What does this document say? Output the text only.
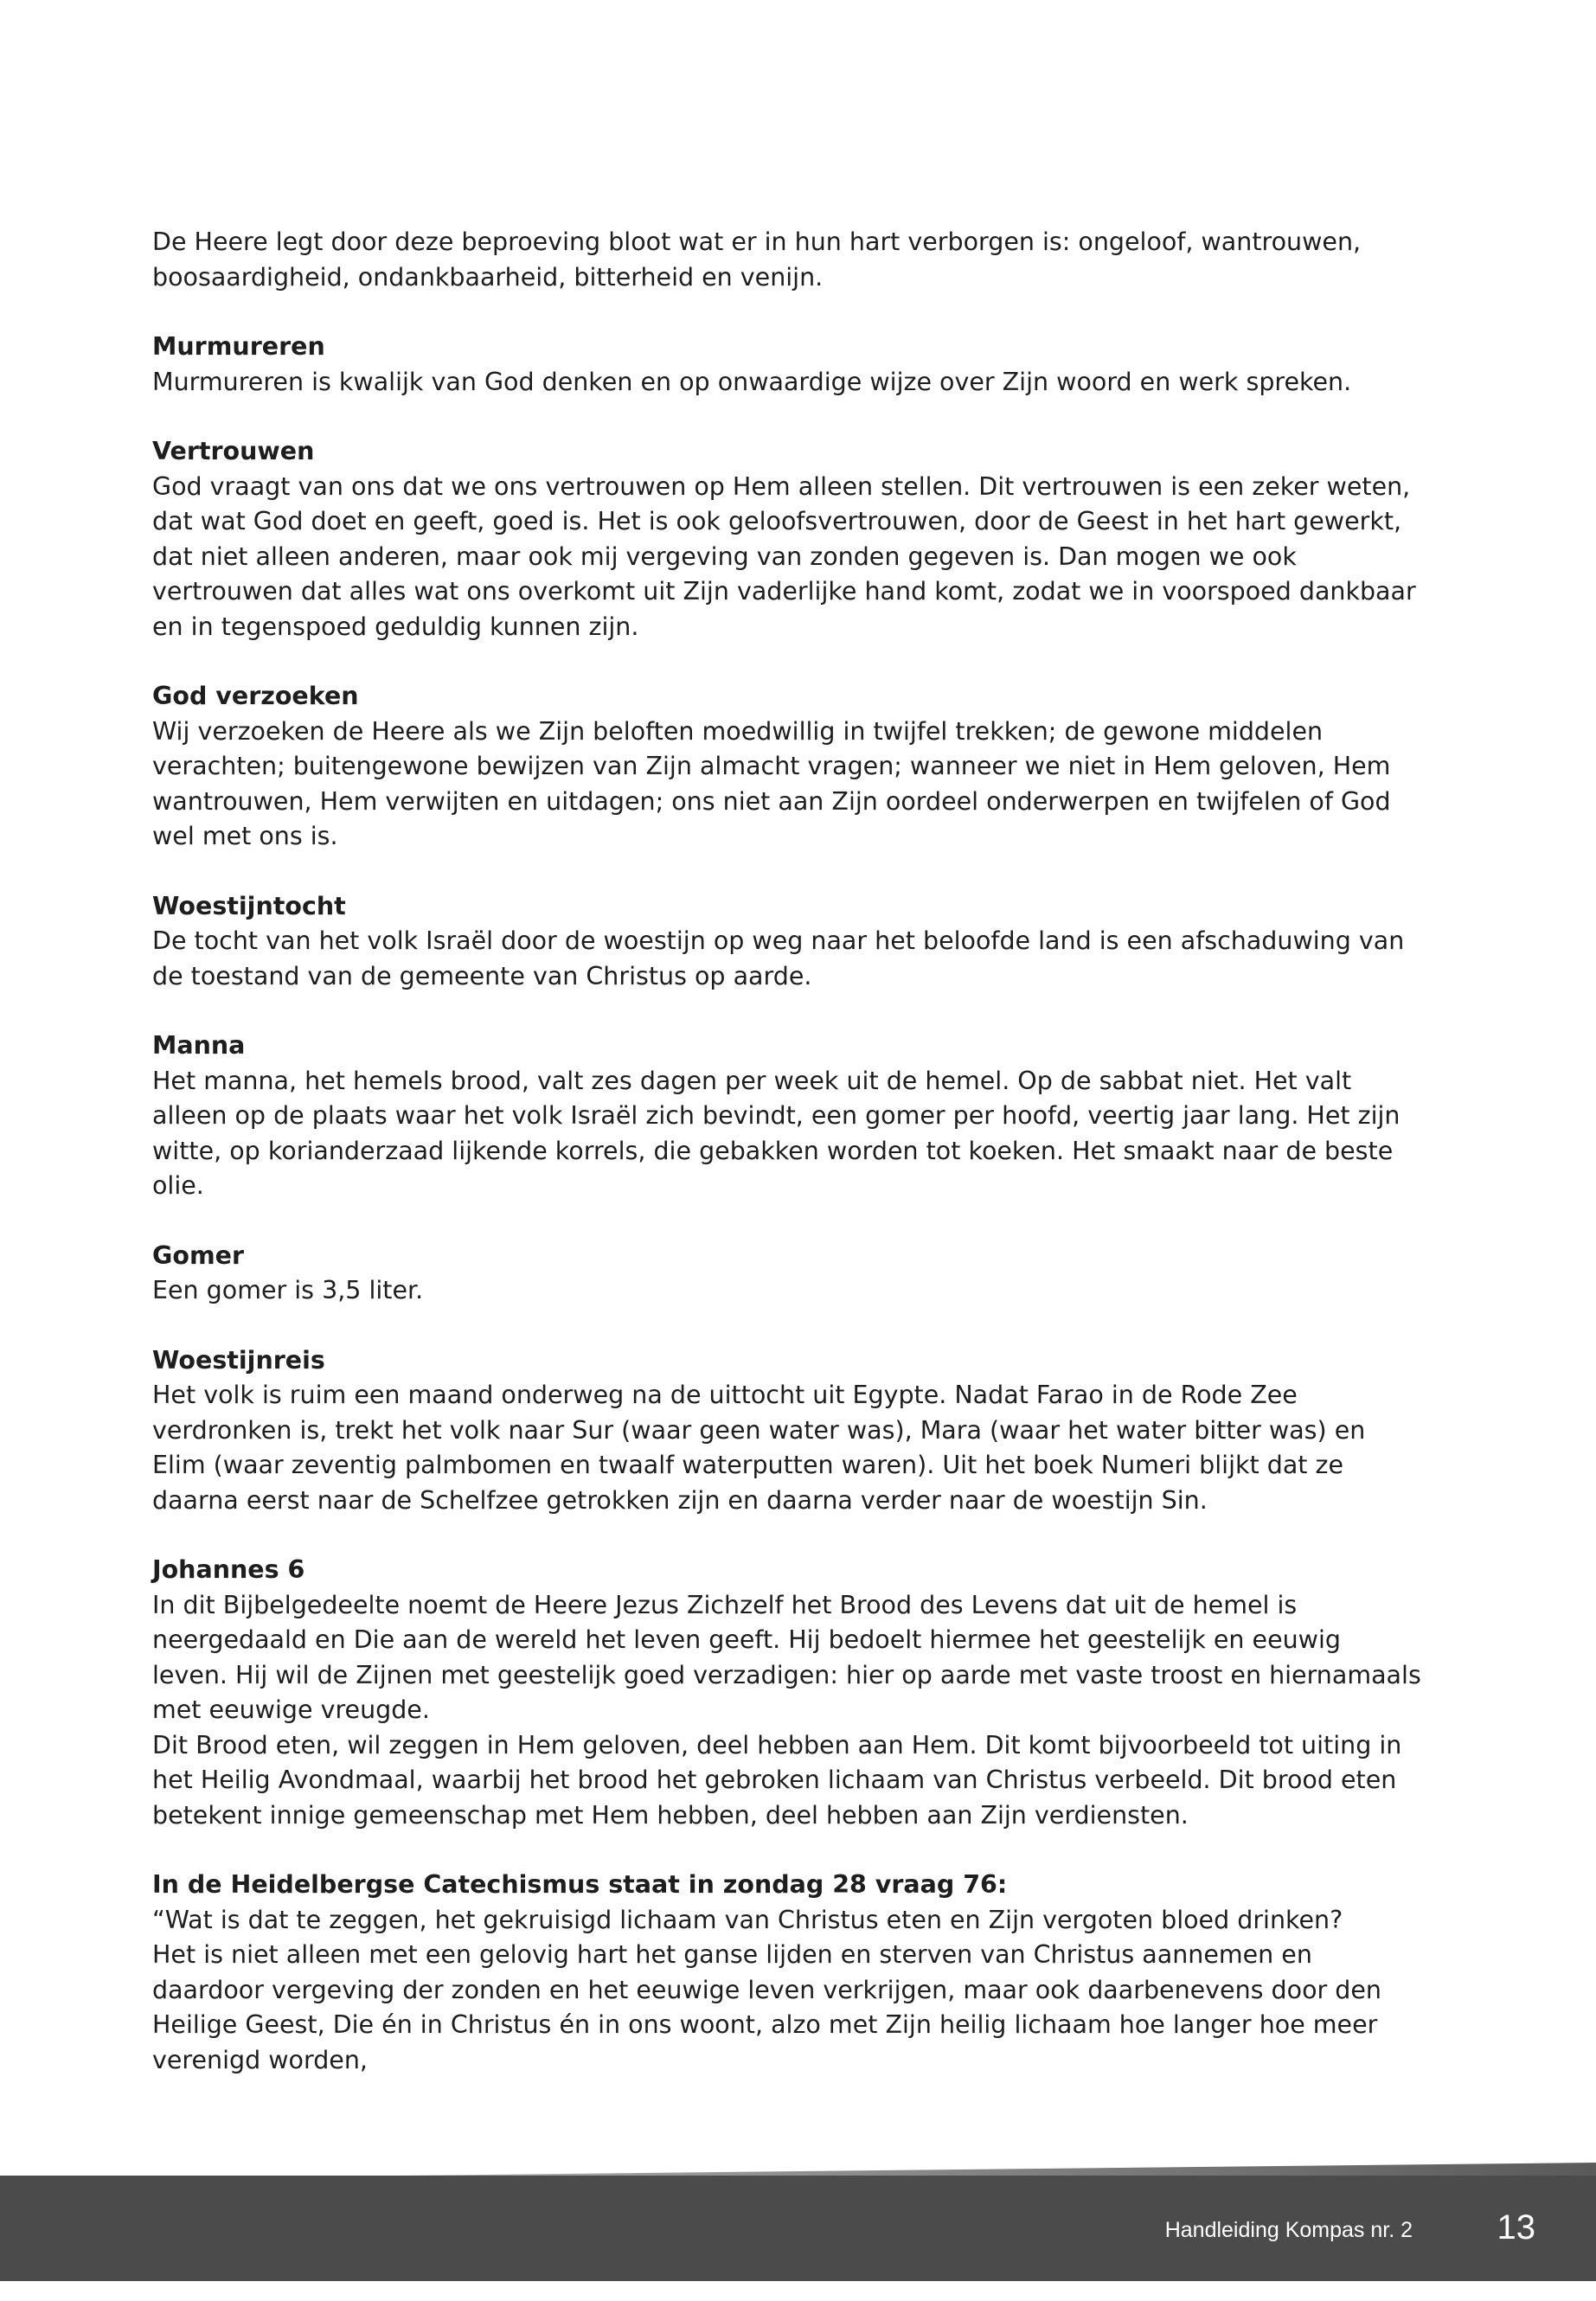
De Heere legt door deze beproeving bloot wat er in hun hart verborgen is: ongeloof, wantrouwen, boosaardigheid, ondankbaarheid, bitterheid en venijn.

Murmureren

Murmureren is kwalijk van God denken en op onwaardige wijze over Zijn woord en werk spreken.

Vertrouwen

God vraagt van ons dat we ons vertrouwen op Hem alleen stellen. Dit vertrouwen is een zeker weten, dat wat God doet en geeft, goed is. Het is ook geloofsvertrouwen, door de Geest in het hart gewerkt, dat niet alleen anderen, maar ook mij vergeving van zonden gegeven is. Dan mogen we ook vertrouwen dat alles wat ons overkomt uit Zijn vaderlijke hand komt, zodat we in voorspoed dankbaar en in tegenspoed geduldig kunnen zijn.

God verzoeken

Wij verzoeken de Heere als we Zijn beloften moedwillig in twijfel trekken; de gewone middelen verachten; buitengewone bewijzen van Zijn almacht vragen; wanneer we niet in Hem geloven, Hem wantrouwen, Hem verwijten en uitdagen; ons niet aan Zijn oordeel onderwerpen en twijfelen of God wel met ons is.

Woestijntocht

De tocht van het volk Israël door de woestijn op weg naar het beloofde land is een afschaduwing van de toestand van de gemeente van Christus op aarde.

Manna

Het manna, het hemels brood, valt zes dagen per week uit de hemel. Op de sabbat niet. Het valt alleen op de plaats waar het volk Israël zich bevindt, een gomer per hoofd, veertig jaar lang. Het zijn witte, op korianderzaad lijkende korrels, die gebakken worden tot koeken. Het smaakt naar de beste olie.

Gomer

Een gomer is 3,5 liter.

Woestijnreis

Het volk is ruim een maand onderweg na de uittocht uit Egypte. Nadat Farao in de Rode Zee verdronken is, trekt het volk naar Sur (waar geen water was), Mara (waar het water bitter was) en Elim (waar zeventig palmbomen en twaalf waterputten waren). Uit het boek Numeri blijkt dat ze daarna eerst naar de Schelfzee getrokken zijn en daarna verder naar de woestijn Sin.

Johannes 6

In dit Bijbelgedeelte noemt de Heere Jezus Zichzelf het Brood des Levens dat uit de hemel is neergedaald en Die aan de wereld het leven geeft. Hij bedoelt hiermee het geestelijk en eeuwig leven. Hij wil de Zijnen met geestelijk goed verzadigen: hier op aarde met vaste troost en hiernamaals met eeuwige vreugde.

Dit Brood eten, wil zeggen in Hem geloven, deel hebben aan Hem. Dit komt bijvoorbeeld tot uiting in het Heilig Avondmaal, waarbij het brood het gebroken lichaam van Christus verbeeld. Dit brood eten betekent innige gemeenschap met Hem hebben, deel hebben aan Zijn verdiensten.

In de Heidelbergse Catechismus staat in zondag 28 vraag 76:

“Wat is dat te zeggen, het gekruisigd lichaam van Christus eten en Zijn vergoten bloed drinken?

Het is niet alleen met een gelovig hart het ganse lijden en sterven van Christus aannemen en daardoor vergeving der zonden en het eeuwige leven verkrijgen, maar ook daarbenevens door den Heilige Geest, Die én in Christus én in ons woont, alzo met Zijn heilig lichaam hoe langer hoe meer verenigd worden,

Handleiding Kompas nr. 2 13
